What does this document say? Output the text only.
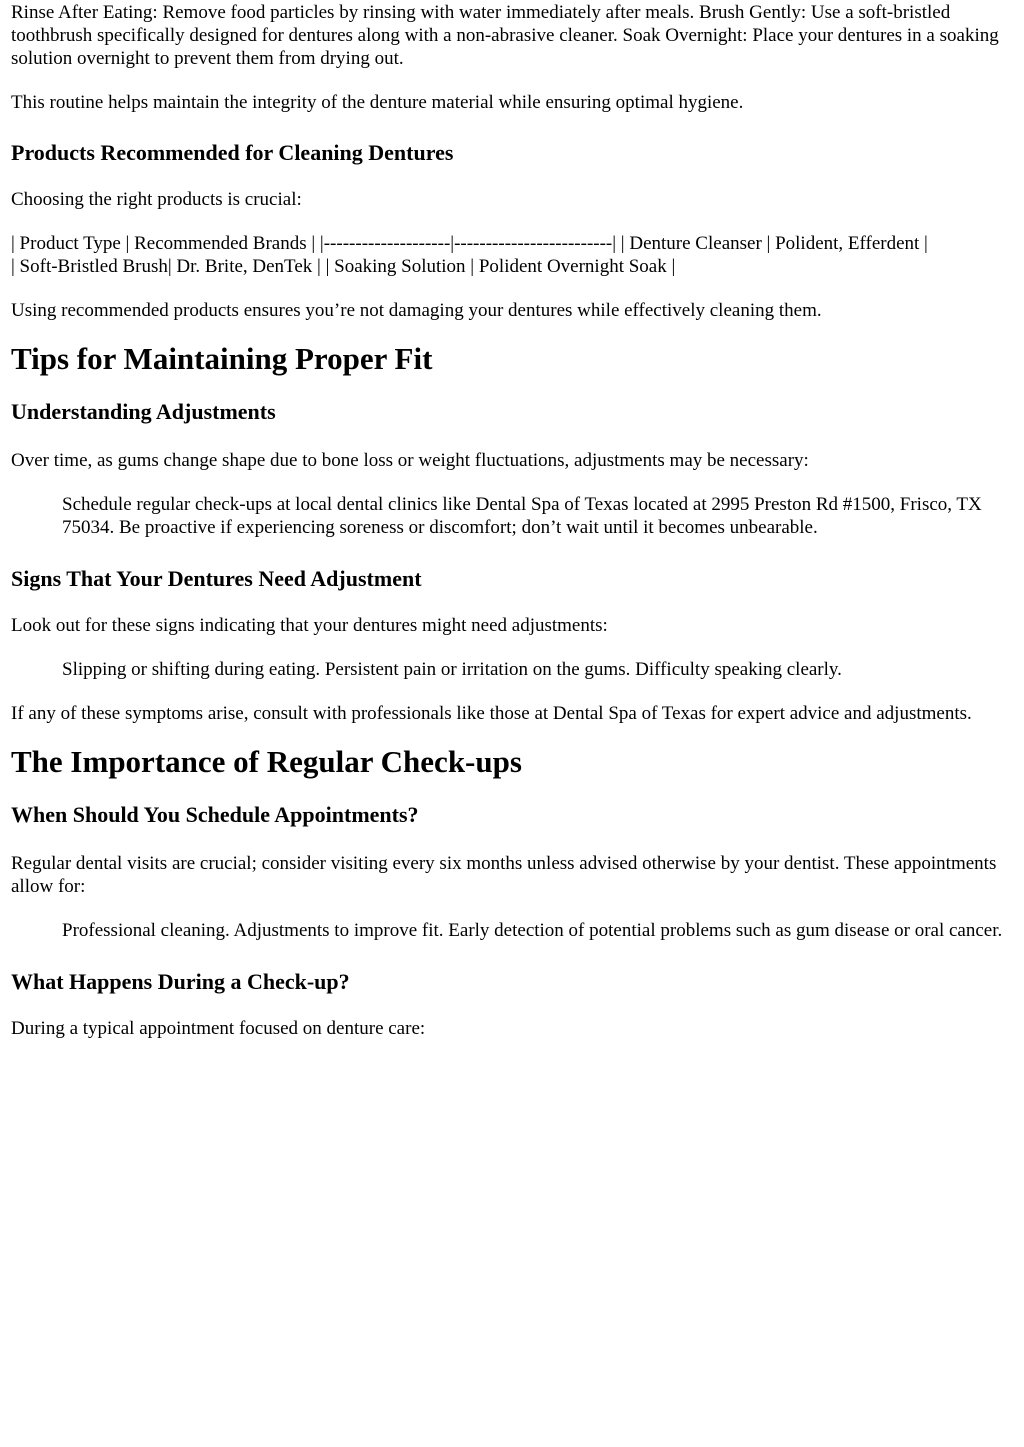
Rinse After Eating: Remove food particles by rinsing with water immediately after meals. Brush Gently: Use a soft-bristled toothbrush specifically designed for dentures along with a non-abrasive cleaner. Soak Overnight: Place your dentures in a soaking solution overnight to prevent them from drying out.

This routine helps maintain the integrity of the denture material while ensuring optimal hygiene.

Products Recommended for Cleaning Dentures

Choosing the right products is crucial:

| Product Type | Recommended Brands | |--------------------|-------------------------| | Denture Cleanser | Polident, Efferdent |

| Soft-Bristled Brush| Dr. Brite, DenTek | | Soaking Solution | Polident Overnight Soak |

Using recommended products ensures you’re not damaging your dentures while effectively cleaning them.

Tips for Maintaining Proper Fit
Understanding Adjustments

Over time, as gums change shape due to bone loss or weight fluctuations, adjustments may be necessary:

Schedule regular check-ups at local dental clinics like Dental Spa of Texas located at 2995 Preston Rd #1500, Frisco, TX 75034. Be proactive if experiencing soreness or discomfort; don’t wait until it becomes unbearable.

Signs That Your Dentures Need Adjustment

Look out for these signs indicating that your dentures might need adjustments:

Slipping or shifting during eating. Persistent pain or irritation on the gums. Difficulty speaking clearly.

If any of these symptoms arise, consult with professionals like those at Dental Spa of Texas for expert advice and adjustments.

The Importance of Regular Check-ups
When Should You Schedule Appointments?

Regular dental visits are crucial; consider visiting every six months unless advised otherwise by your dentist. These appointments allow for:

Professional cleaning. Adjustments to improve fit. Early detection of potential problems such as gum disease or oral cancer.

What Happens During a Check-up?

During a typical appointment focused on denture care:
